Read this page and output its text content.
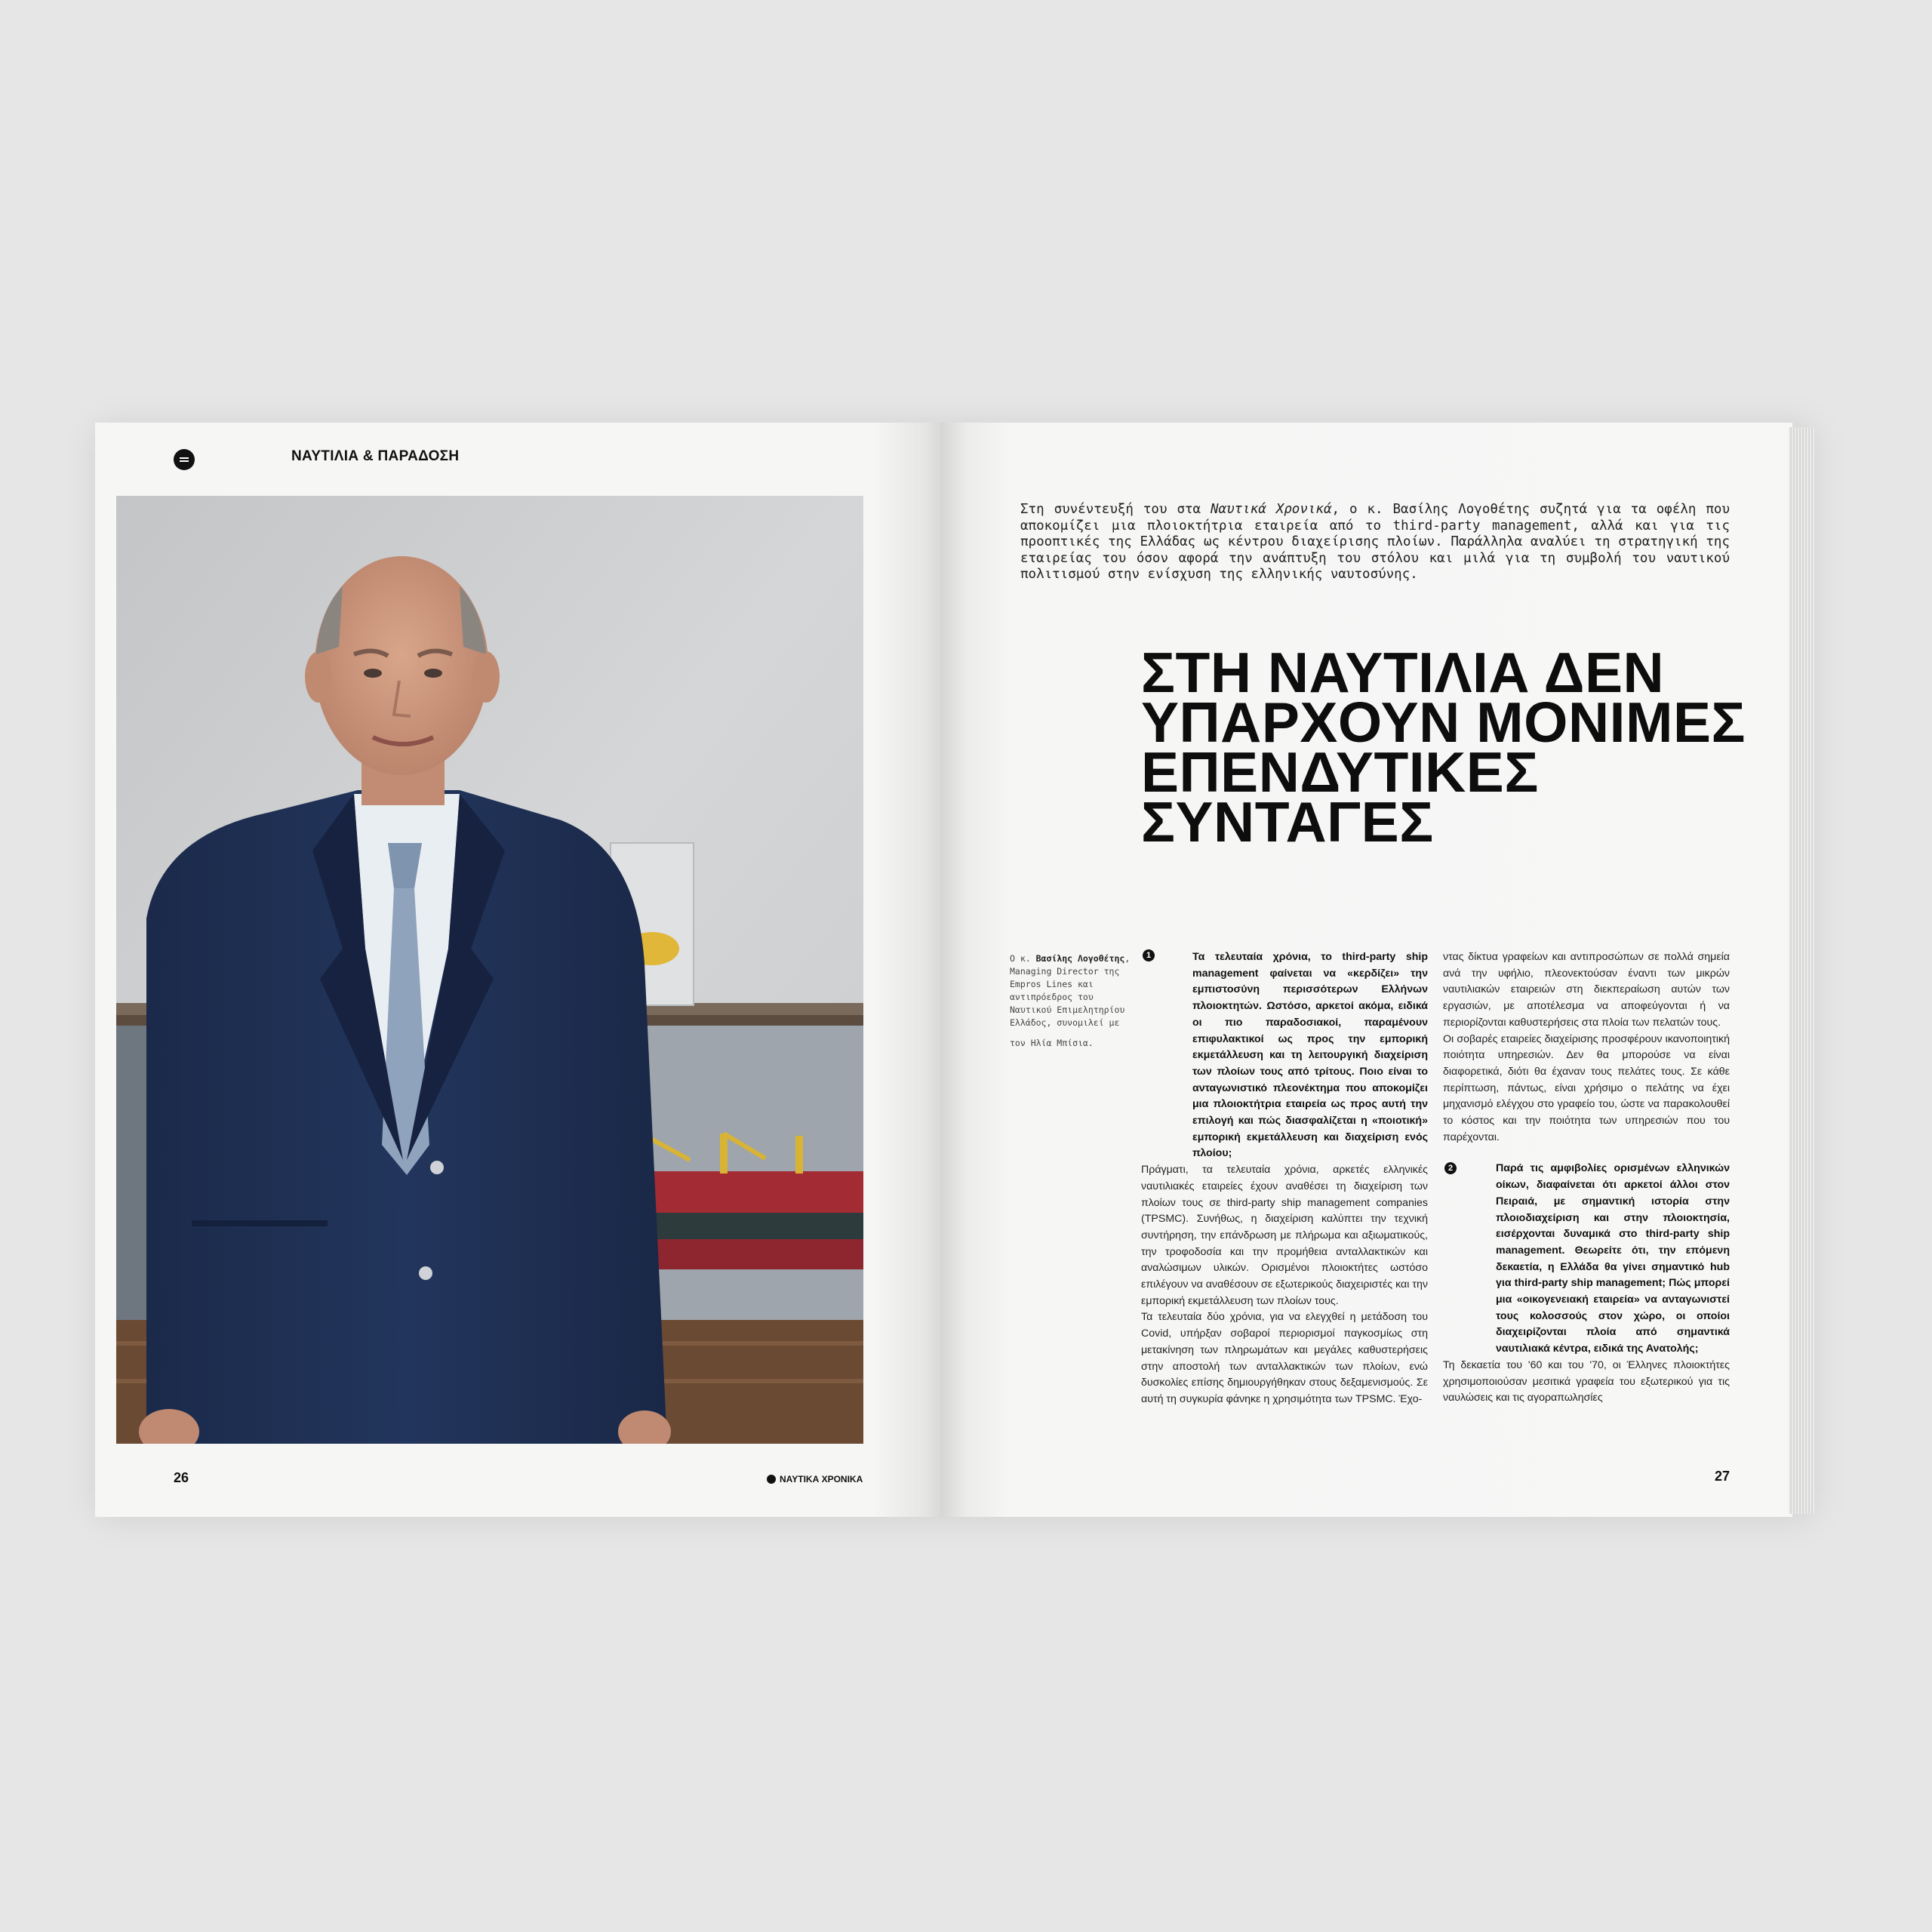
ΝΑΥΤΙΛΙΑ & ΠΑΡΑΔΟΣΗ
26	ΝΑΥΤΙΚΑ ΧΡΟΝΙΚΑ
Στη συνέντευξή του στα Ναυτικά Χρονικά, ο κ. Βασίλης Λογοθέτης συζητά για τα οφέλη που αποκομίζει μια πλοιοκτήτρια εταιρεία από το third-party management, αλλά και για τις προοπτικές της Ελλάδας ως κέντρου διαχείρισης πλοίων. Παράλληλα αναλύει τη στρατηγική της εταιρείας του όσον αφορά την ανάπτυξη του στόλου και μιλά για τη συμβολή του ναυτικού πολιτισμού στην ενίσχυση της ελληνικής ναυτοσύνης.
ΣΤΗ ΝΑΥΤΙΛΙΑ ΔΕΝ
ΥΠΑΡΧΟΥΝ ΜΟΝΙΜΕΣ
ΕΠΕΝΔΥΤΙΚΕΣ
ΣΥΝΤΑΓΕΣ
Ο κ. Βασίλης Λογοθέτης, Managing Director της Empros Lines και αντιπρόεδρος του Ναυτικού Επιμελητηρίου Ελλάδος, συνομιλεί με
τον Ηλία Μπίσια.
1	Τα τελευταία χρόνια, το third-party ship management φαίνεται να «κερδίζει» την εμπιστοσύνη περισσότερων Ελλήνων πλοιοκτητών. Ωστόσο, αρκετοί ακόμα, ειδικά οι πιο παραδοσιακοί, παραμένουν επιφυλακτικοί ως προς την εμπορική εκμετάλλευση και τη λειτουργική διαχείριση των πλοίων τους από τρίτους. Ποιο είναι το ανταγωνιστικό πλεονέκτημα που αποκομίζει μια πλοιοκτήτρια εταιρεία ως προς αυτή την επιλογή και πώς διασφαλίζεται η «ποιοτική» εμπορική εκμετάλλευση και διαχείριση ενός πλοίου;

Πράγματι, τα τελευταία χρόνια, αρκετές ελληνικές ναυτιλιακές εταιρείες έχουν αναθέσει τη διαχείριση των πλοίων τους σε third-party ship management companies (TPSMC). Συνήθως, η διαχείριση καλύπτει την τεχνική συντήρηση, την επάνδρωση με πλήρωμα και αξιωματικούς, την τροφοδοσία και την προμήθεια ανταλλακτικών και αναλώσιμων υλικών. Ορισμένοι πλοιοκτήτες ωστόσο επιλέγουν να αναθέσουν σε εξωτερικούς διαχειριστές και την εμπορική εκμετάλλευση των πλοίων τους.

Τα τελευταία δύο χρόνια, για να ελεγχθεί η μετάδοση του Covid, υπήρξαν σοβαροί περιορισμοί παγκοσμίως στη μετακίνηση των πληρωμάτων και μεγάλες καθυστερήσεις στην αποστολή των ανταλλακτικών των πλοίων, ενώ δυσκολίες επίσης δημιουργήθηκαν στους δεξαμενισμούς. Σε αυτή τη συγκυρία φάνηκε η χρησιμότητα των TPSMC. Έχο-

ντας δίκτυα γραφείων και αντιπροσώπων σε πολλά σημεία ανά την υφήλιο, πλεονεκτούσαν έναντι των μικρών ναυτιλιακών εταιρειών στη διεκπεραίωση αυτών των εργασιών, με αποτέλεσμα να αποφεύγονται ή να περιορίζονται καθυστερήσεις στα πλοία των πελατών τους.

Οι σοβαρές εταιρείες διαχείρισης προσφέρουν ικανοποιητική ποιότητα υπηρεσιών. Δεν θα μπορούσε να είναι διαφορετικά, διότι θα έχαναν τους πελάτες τους. Σε κάθε περίπτωση, πάντως, είναι χρήσιμο ο πελάτης να έχει μηχανισμό ελέγχου στο γραφείο του, ώστε να παρακολουθεί το κόστος και την ποιότητα των υπηρεσιών που του παρέχονται.

2	Παρά τις αμφιβολίες ορισμένων ελληνικών οίκων, διαφαίνεται ότι αρκετοί άλλοι στον Πειραιά, με σημαντική ιστορία στην πλοιοδιαχείριση και στην πλοιοκτησία, εισέρχονται δυναμικά στο third-party ship management. Θεωρείτε ότι, την επόμενη δεκαετία, η Ελλάδα θα γίνει σημαντικό hub για third-party ship management; Πώς μπορεί μια «οικογενειακή εταιρεία» να ανταγωνιστεί τους κολοσσούς στον χώρο, οι οποίοι διαχειρίζονται πλοία από σημαντικά ναυτιλιακά κέντρα, ειδικά της Ανατολής;

Τη δεκαετία του '60 και του '70, οι Έλληνες πλοιοκτήτες χρησιμοποιούσαν μεσιτικά γραφεία του εξωτερικού για τις ναυλώσεις και τις αγοραπωλησίες

27
